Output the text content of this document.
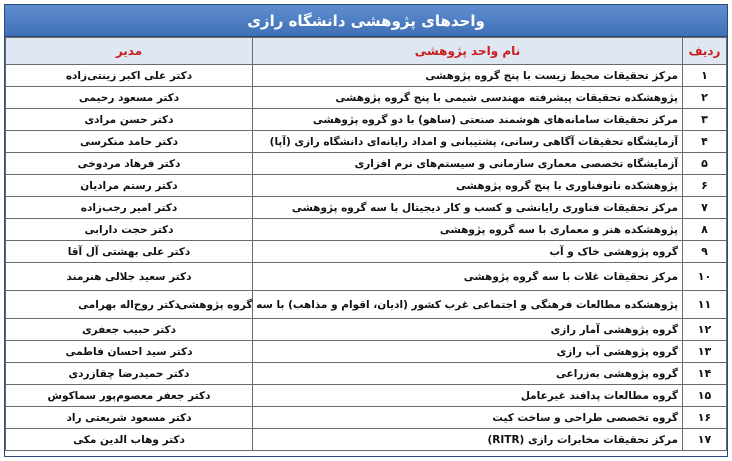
واحدهای پژوهشی دانشگاه رازی
ردیف	نام واحد پژوهشی	مدیر
۱	مرکز تحقیقات محیط زیست با پنج گروه پژوهشی	دکتر علی اکبر زینتی‌زاده
۲	پژوهشکده تحقیقات پیشرفته مهندسی شیمی با پنج گروه پژوهشی	دکتر مسعود رحیمی
۳	مرکز تحقیقات سامانه‌های هوشمند صنعتی (ساهو) با دو گروه پژوهشی	دکتر حسن مرادی
۴	آزمایشگاه تحقیقات آگاهی رسانی، پشتیبانی و امداد رایانه‌ای دانشگاه رازی (آپا)	دکتر حامد منکرسی
۵	آزمایشگاه تخصصی معماری سازمانی و سیستم‌های نرم افزاری	دکتر فرهاد مردوخی
۶	پژوهشکده نانوفناوری با پنج گروه پژوهشی	دکتر رستم مرادیان
۷	مرکز تحقیقات فناوری رایانشی و کسب و کار دیجیتال با سه گروه پژوهشی	دکتر امیر رجب‌زاده
۸	پژوهشکده هنر و معماری با سه گروه پژوهشی	دکتر حجت دارابی
۹	گروه پژوهشی خاک و آب	دکتر علی بهشتی آل آقا
۱۰	مرکز تحقیقات غلات با سه گروه پژوهشی	دکتر سعید جلالی هنرمند
۱۱	پژوهشکده مطالعات فرهنگی و اجتماعی غرب کشور (ادیان، اقوام و مذاهب) با سه گروه پژوهشی	دکتر روح‌اله بهرامی
۱۲	گروه پژوهشی آمار رازی	دکتر حبیب جعفری
۱۳	گروه پژوهشی آب رازی	دکتر سید احسان فاطمی
۱۴	گروه پژوهشی به‌زراعی	دکتر حمیدرضا چقازردی
۱۵	گروه مطالعات پدافند غیرعامل	دکتر جعفر معصوم‌پور سماکوش
۱۶	گروه تخصصی طراحی و ساخت کیت	دکتر مسعود شریعتی راد
۱۷	مرکز تحقیقات مخابرات رازی (RITR)	دکتر وهاب الدین مکی
